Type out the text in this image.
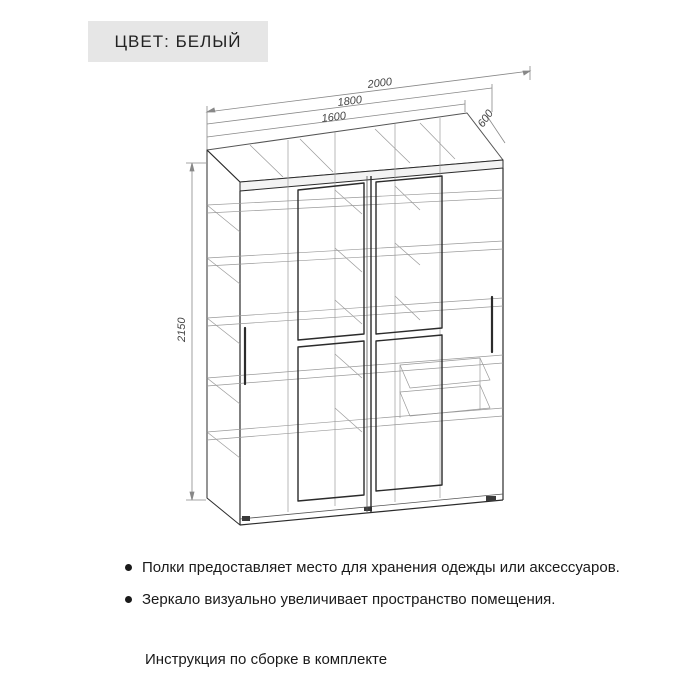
ЦВЕТ: БЕЛЫЙ
2000
1800
1600	600
2150
Полки предоставляет место для хранения одежды или аксессуаров.
Зеркало визуально увеличивает пространство помещения.
Инструкция по сборке в комплекте
